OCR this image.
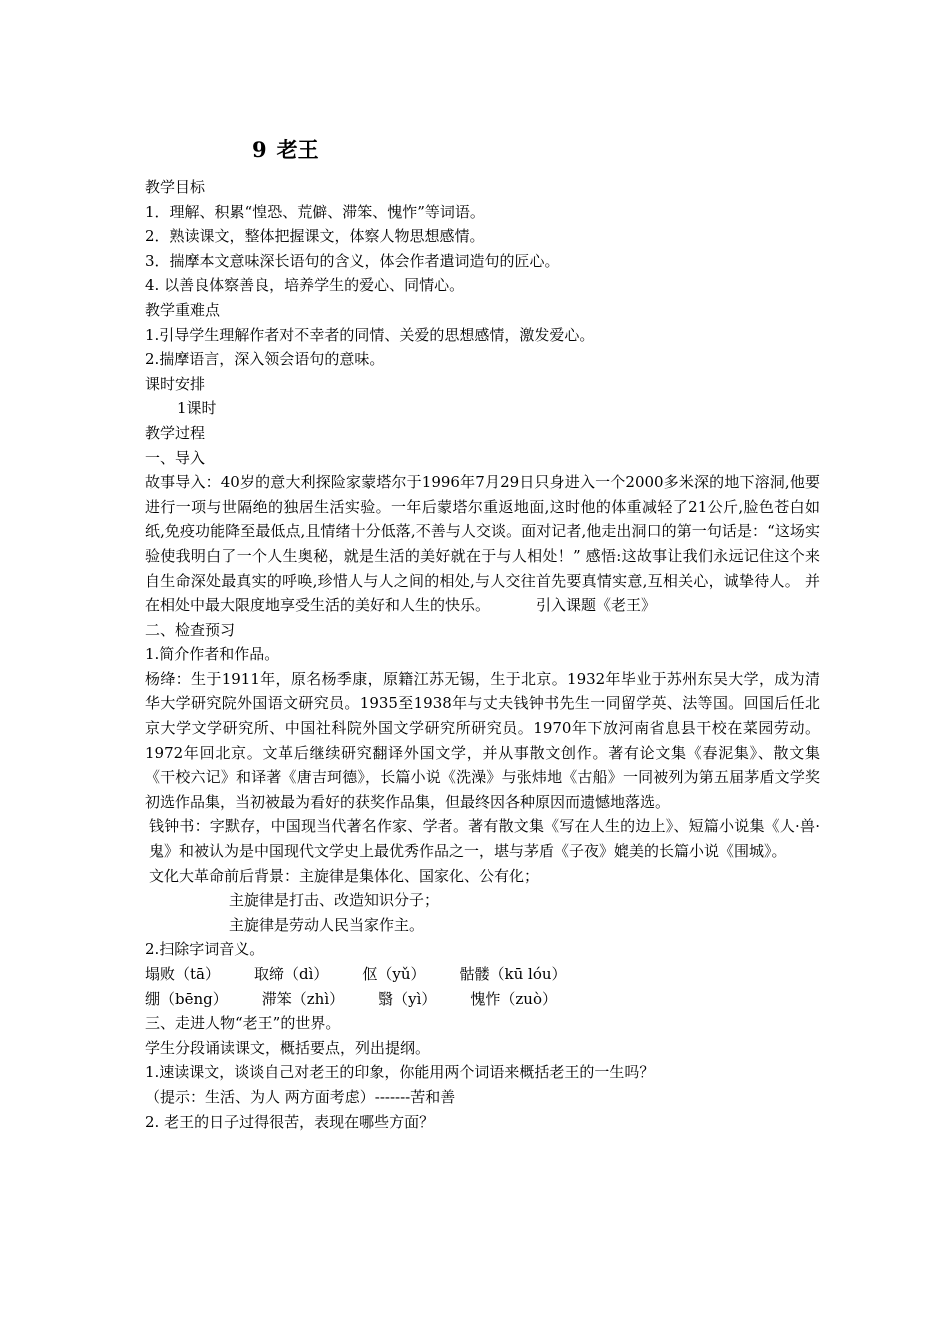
9 老王
教学目标
1．理解、积累“惶恐、荒僻、滞笨、愧怍”等词语。
2．熟读课文，整体把握课文，体察人物思想感情。
3．揣摩本文意味深长语句的含义，体会作者遣词造句的匠心。
4. 以善良体察善良，培养学生的爱心、同情心。
教学重难点
1.引导学生理解作者对不幸者的同情、关爱的思想感情，激发爱心。
2.揣摩语言，深入领会语句的意味。
课时安排
1课时
教学过程
一、导入
故事导入：40岁的意大利探险家蒙塔尔于1996年7月29日只身进入一个2000多米深的地下溶洞,他要进行一项与世隔绝的独居生活实验。一年后蒙塔尔重返地面,这时他的体重减轻了21公斤,脸色苍白如纸,免疫功能降至最低点,且情绪十分低落,不善与人交谈。面对记者,他走出洞口的第一句话是：“这场实验使我明白了一个人生奥秘，就是生活的美好就在于与人相处！” 感悟:这故事让我们永远记住这个来自生命深处最真实的呼唤,珍惜人与人之间的相处,与人交往首先要真情实意,互相关心，诚挚待人。 并在相处中最大限度地享受生活的美好和人生的快乐。	引入课题《老王》
二、检查预习
1.简介作者和作品。
杨绛：生于1911年，原名杨季康，原籍江苏无锡，生于北京。1932年毕业于苏州东吴大学，成为清华大学研究院外国语文研究员。1935至1938年与丈夫钱钟书先生一同留学英、法等国。回国后任北京大学文学研究所、中国社科院外国文学研究所研究员。1970年下放河南省息县干校在菜园劳动。1972年回北京。文革后继续研究翻译外国文学，并从事散文创作。著有论文集《春泥集》、散文集《干校六记》和译著《唐吉珂德》，长篇小说《洗澡》与张炜地《古船》一同被列为第五届茅盾文学奖初选作品集，当初被最为看好的获奖作品集，但最终因各种原因而遗憾地落选。
钱钟书：字默存，中国现当代著名作家、学者。著有散文集《写在人生的边上》、短篇小说集《人·兽·鬼》和被认为是中国现代文学史上最优秀作品之一，堪与茅盾《子夜》媲美的长篇小说《围城》。
文化大革命前后背景：主旋律是集体化、国家化、公有化；
主旋律是打击、改造知识分子；
主旋律是劳动人民当家作主。
2.扫除字词音义。
塌败（tā） 取缔（dì） 伛（yǔ） 骷髅（kū lóu）
绷（bēng） 滞笨（zhì） 翳（yì） 愧怍（zuò）
三、走进人物“老王”的世界。
学生分段诵读课文，概括要点，列出提纲。
1.速读课文，谈谈自己对老王的印象，你能用两个词语来概括老王的一生吗？
（提示：生活、为人 两方面考虑）-------苦和善
2. 老王的日子过得很苦，表现在哪些方面？
